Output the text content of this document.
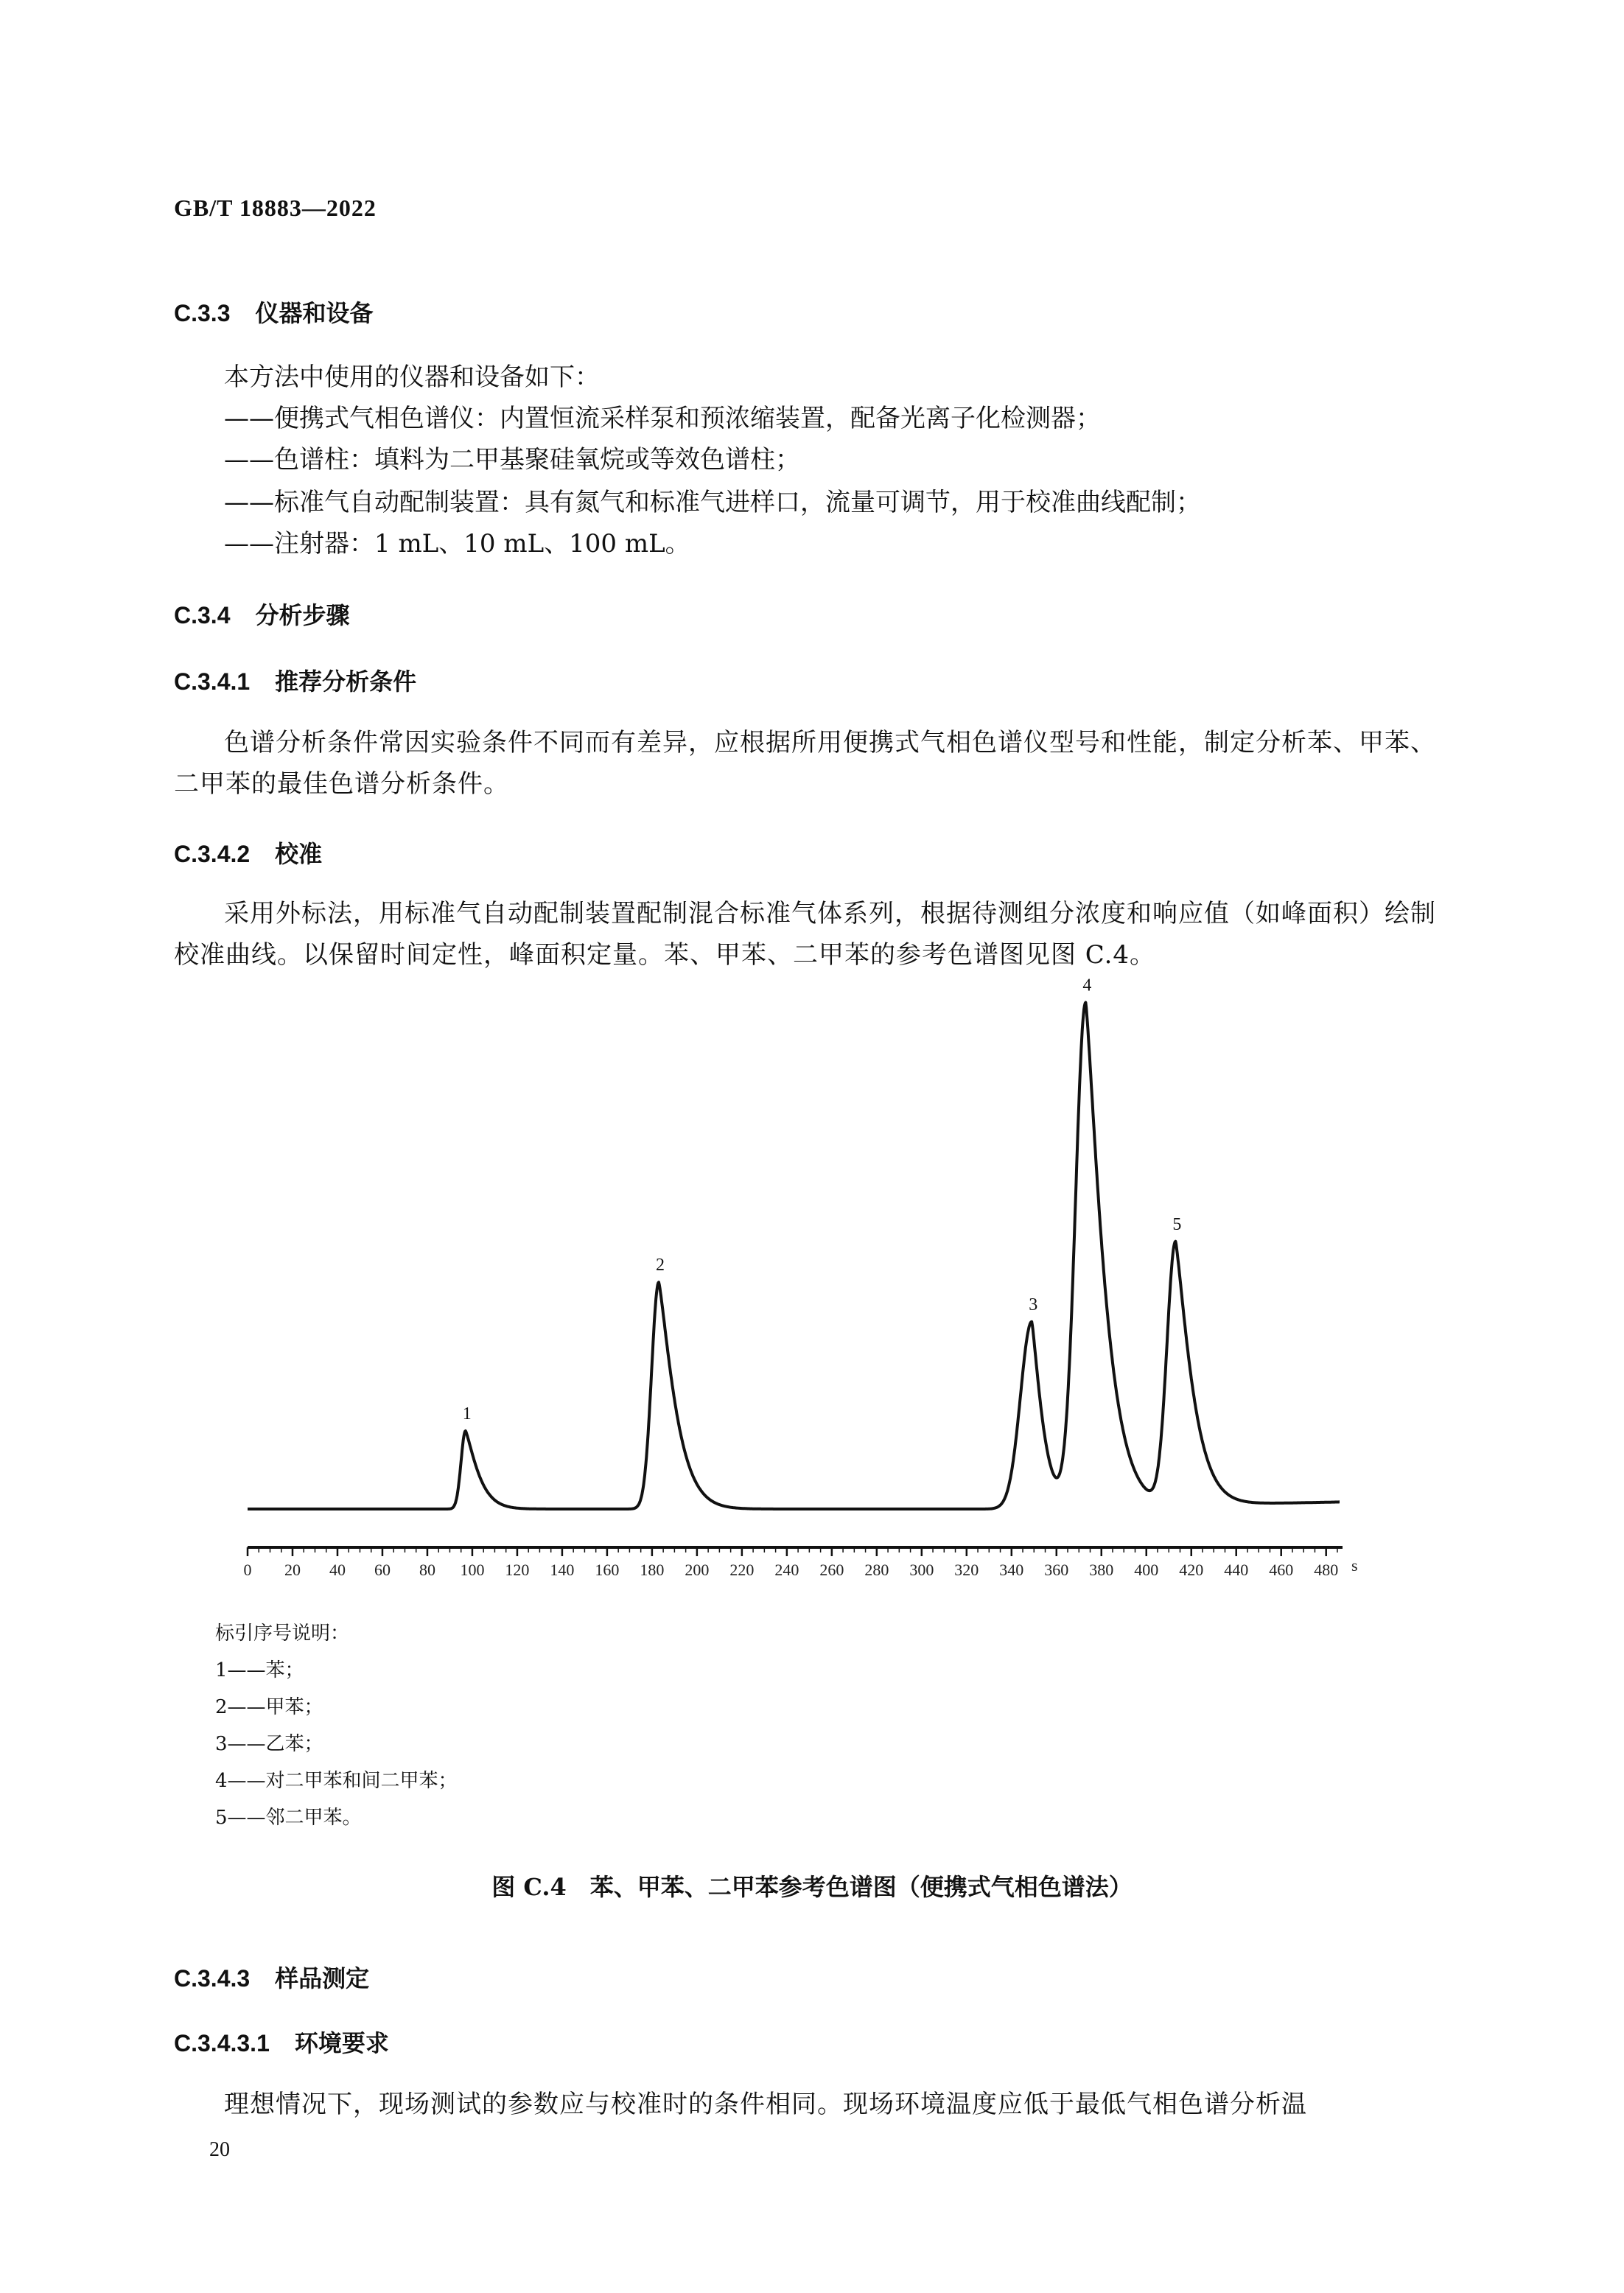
GB/T 18883—2022
C.3.3 仪器和设备
本方法中使用的仪器和设备如下：
——便携式气相色谱仪：内置恒流采样泵和预浓缩装置，配备光离子化检测器；
——色谱柱：填料为二甲基聚硅氧烷或等效色谱柱；
——标准气自动配制装置：具有氮气和标准气进样口，流量可调节，用于校准曲线配制；
——注射器：1 mL、10 mL、100 mL。
C.3.4 分析步骤
C.3.4.1 推荐分析条件
色谱分析条件常因实验条件不同而有差异，应根据所用便携式气相色谱仪型号和性能，制定分析苯、甲苯、二甲苯的最佳色谱分析条件。
C.3.4.2 校准
采用外标法，用标准气自动配制装置配制混合标准气体系列，根据待测组分浓度和响应值（如峰面积）绘制校准曲线。以保留时间定性，峰面积定量。苯、甲苯、二甲苯的参考色谱图见图 C.4。
0 20 40 60 80 100 120 140 160 180 200 220 240 260 280 300 320 340 360 380 400 420 440 460 480 s
1
2
3
4
5
标引序号说明：
1——苯；
2——甲苯；
3——乙苯；
4——对二甲苯和间二甲苯；
5——邻二甲苯。
图 C.4　苯、甲苯、二甲苯参考色谱图（便携式气相色谱法）
C.3.4.3 样品测定
C.3.4.3.1 环境要求
理想情况下，现场测试的参数应与校准时的条件相同。现场环境温度应低于最低气相色谱分析温
20
